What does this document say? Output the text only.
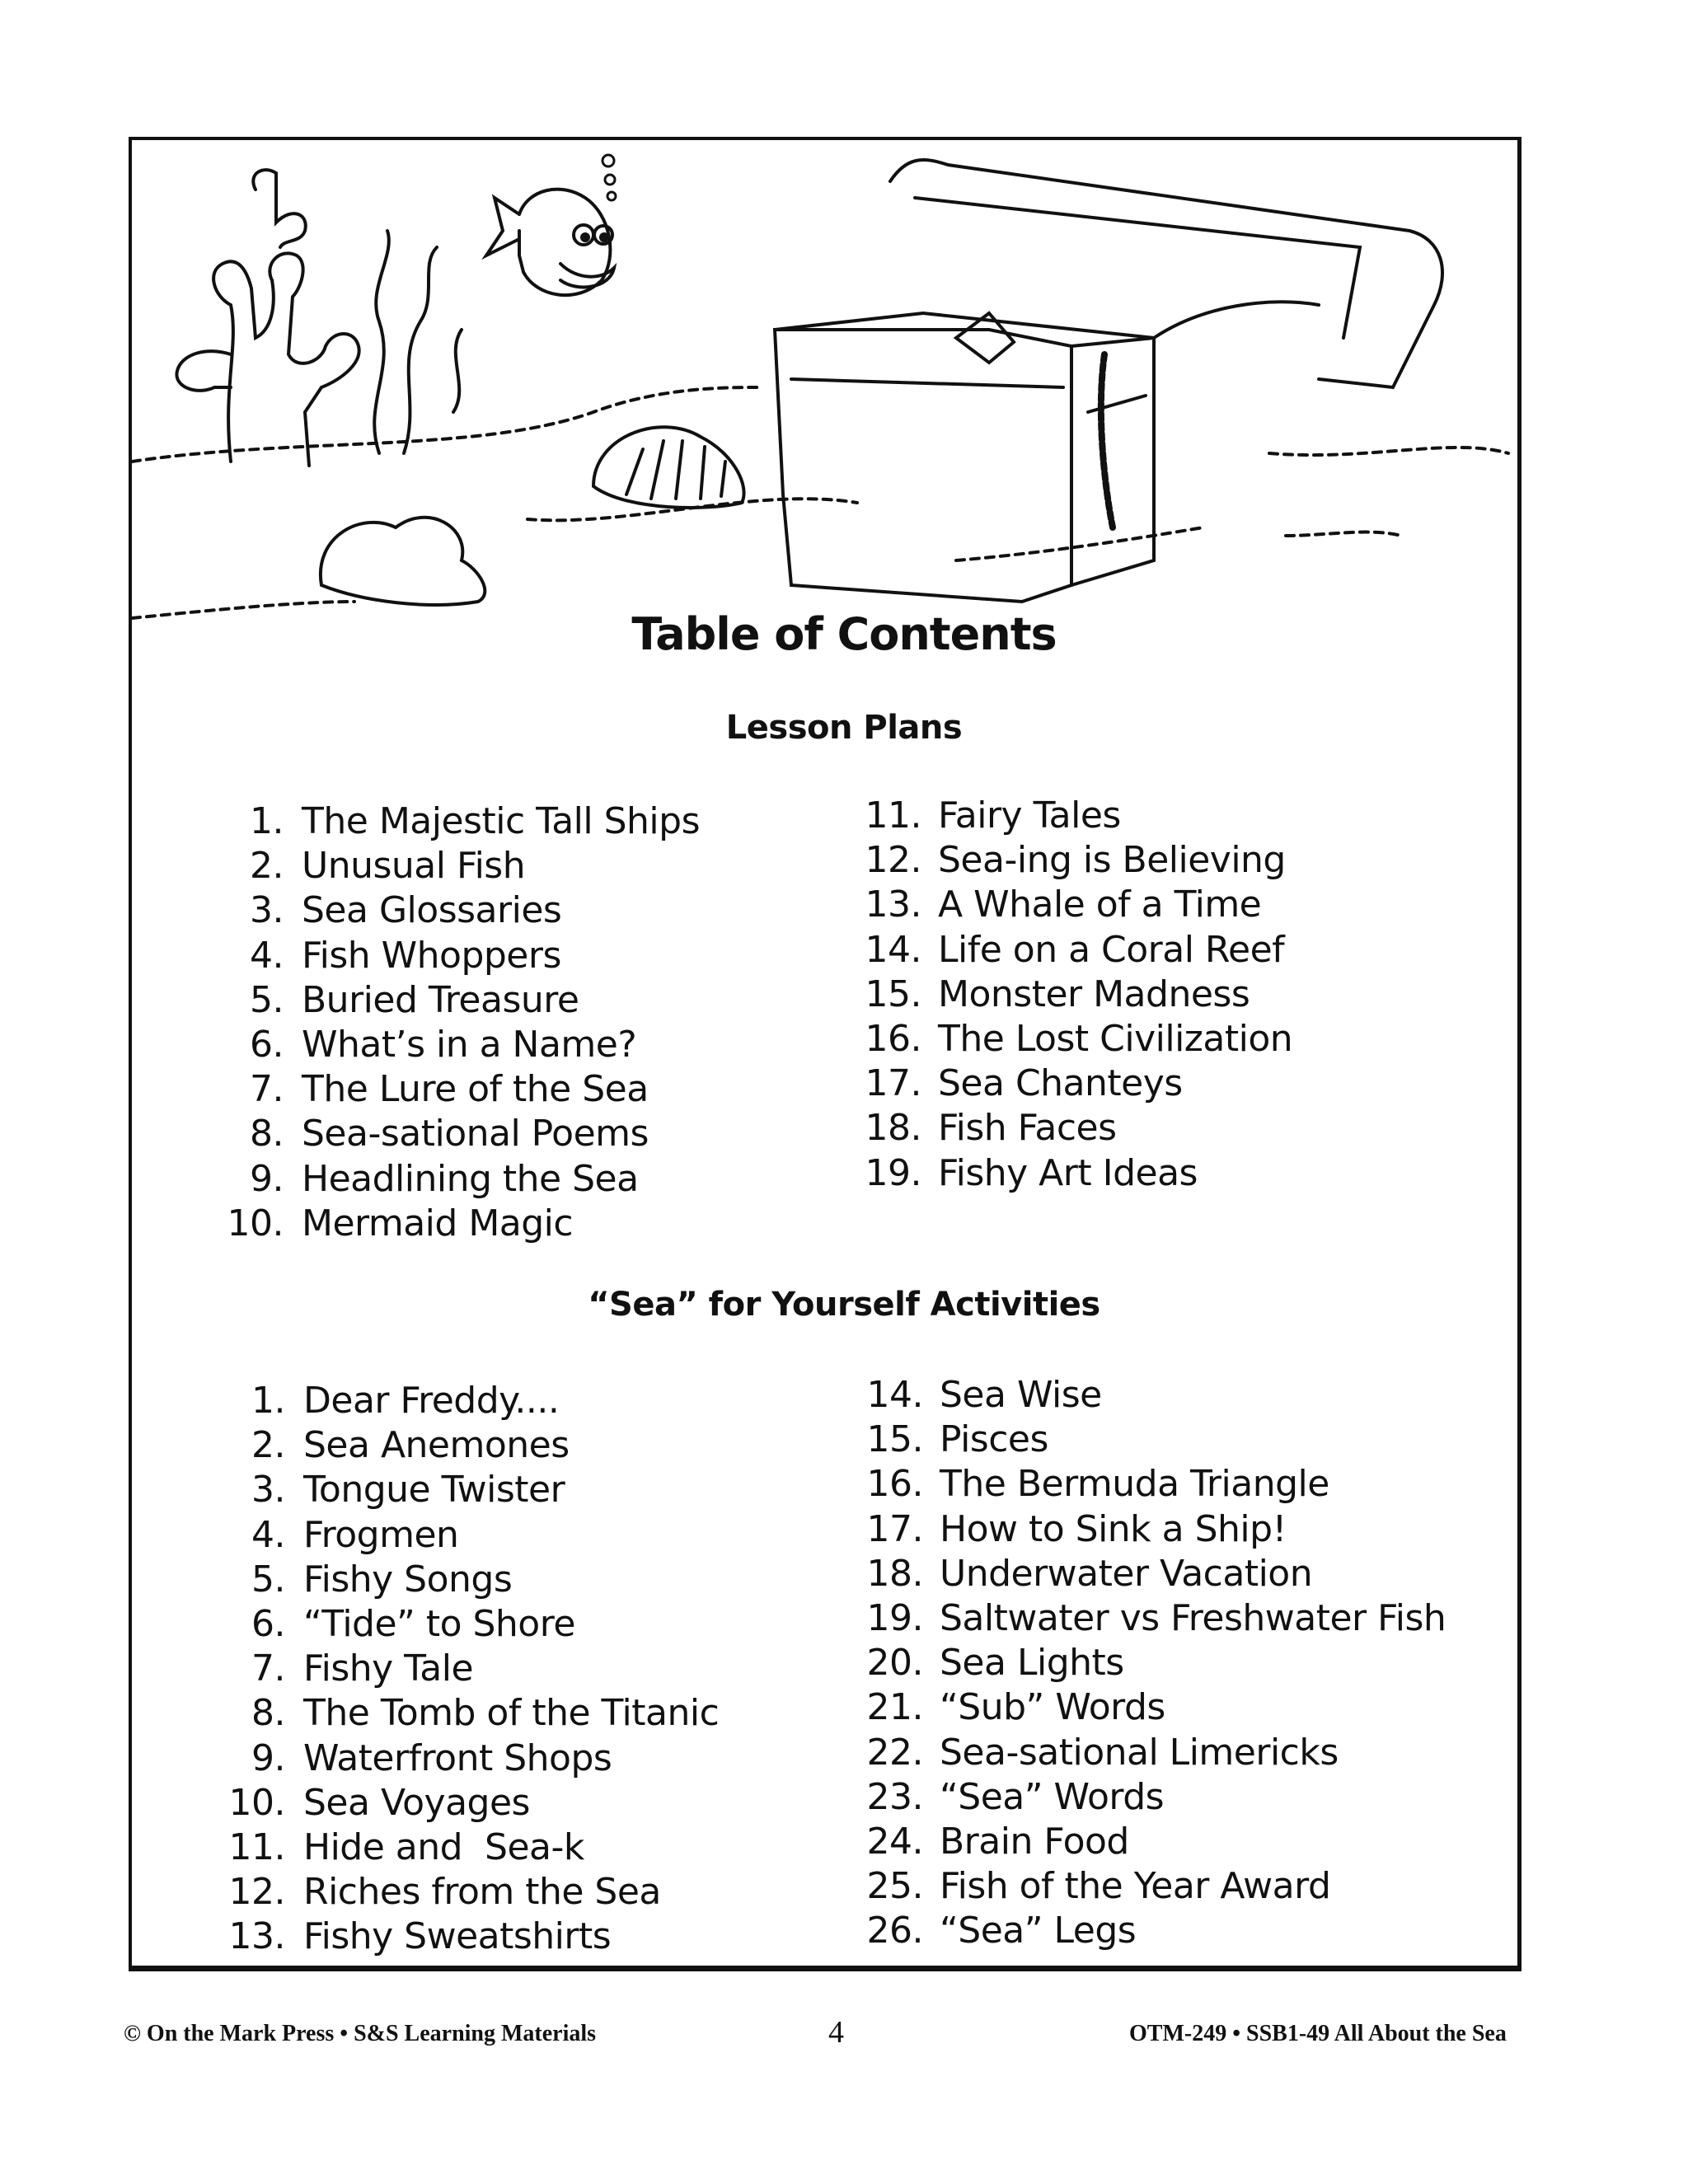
Table of Contents
Lesson Plans
1. The Majestic Tall Ships
2. Unusual Fish
3. Sea Glossaries
4. Fish Whoppers
5. Buried Treasure
6. What’s in a Name?
7. The Lure of the Sea
8. Sea-sational Poems
9. Headlining the Sea
10. Mermaid Magic
11. Fairy Tales
12. Sea-ing is Believing
13. A Whale of a Time
14. Life on a Coral Reef
15. Monster Madness
16. The Lost Civilization
17. Sea Chanteys
18. Fish Faces
19. Fishy Art Ideas
“Sea” for Yourself Activities
1. Dear Freddy....
2. Sea Anemones
3. Tongue Twister
4. Frogmen
5. Fishy Songs
6. “Tide” to Shore
7. Fishy Tale
8. The Tomb of the Titanic
9. Waterfront Shops
10. Sea Voyages
11. Hide and  Sea-k
12. Riches from the Sea
13. Fishy Sweatshirts
14. Sea Wise
15. Pisces
16. The Bermuda Triangle
17. How to Sink a Ship!
18. Underwater Vacation
19. Saltwater vs Freshwater Fish
20. Sea Lights
21. “Sub” Words
22. Sea-sational Limericks
23. “Sea” Words
24. Brain Food
25. Fish of the Year Award
26. “Sea” Legs
© On the Mark Press • S&S Learning Materials	4	OTM-249 • SSB1-49 All About the Sea
